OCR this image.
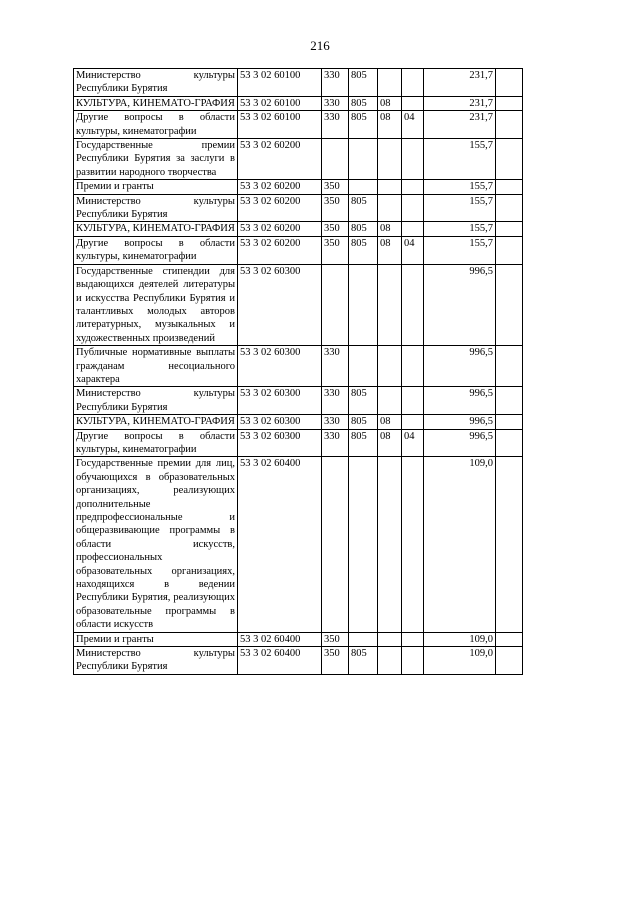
216
Министерство культуры Республики Бурятия	53 3 02 60100	330	805			231,7	
КУЛЬТУРА, КИНЕМАТО-ГРАФИЯ	53 3 02 60100	330	805	08		231,7	
Другие вопросы в области культуры, кинематографии	53 3 02 60100	330	805	08	04	231,7	
Государственные премии Республики Бурятия за заслуги в развитии народного творчества	53 3 02 60200					155,7	
Премии и гранты	53 3 02 60200	350				155,7	
Министерство культуры Республики Бурятия	53 3 02 60200	350	805			155,7	
КУЛЬТУРА, КИНЕМАТО-ГРАФИЯ	53 3 02 60200	350	805	08		155,7	
Другие вопросы в области культуры, кинематографии	53 3 02 60200	350	805	08	04	155,7	
Государственные стипендии для выдающихся деятелей литературы и искусства Республики Бурятия и талантливых молодых авторов литературных, музыкальных и художественных произведений	53 3 02 60300					996,5	
Публичные нормативные выплаты гражданам несоциального характера	53 3 02 60300	330				996,5	
Министерство культуры Республики Бурятия	53 3 02 60300	330	805			996,5	
КУЛЬТУРА, КИНЕМАТО-ГРАФИЯ	53 3 02 60300	330	805	08		996,5	
Другие вопросы в области культуры, кинематографии	53 3 02 60300	330	805	08	04	996,5	
Государственные премии для лиц, обучающихся в образовательных организациях, реализующих дополнительные предпрофессиональные и общеразвивающие программы в области искусств, профессиональных образовательных организациях, находящихся в ведении Республики Бурятия, реализующих образовательные программы в области искусств	53 3 02 60400					109,0	
Премии и гранты	53 3 02 60400	350				109,0	
Министерство культуры Республики Бурятия	53 3 02 60400	350	805			109,0	
